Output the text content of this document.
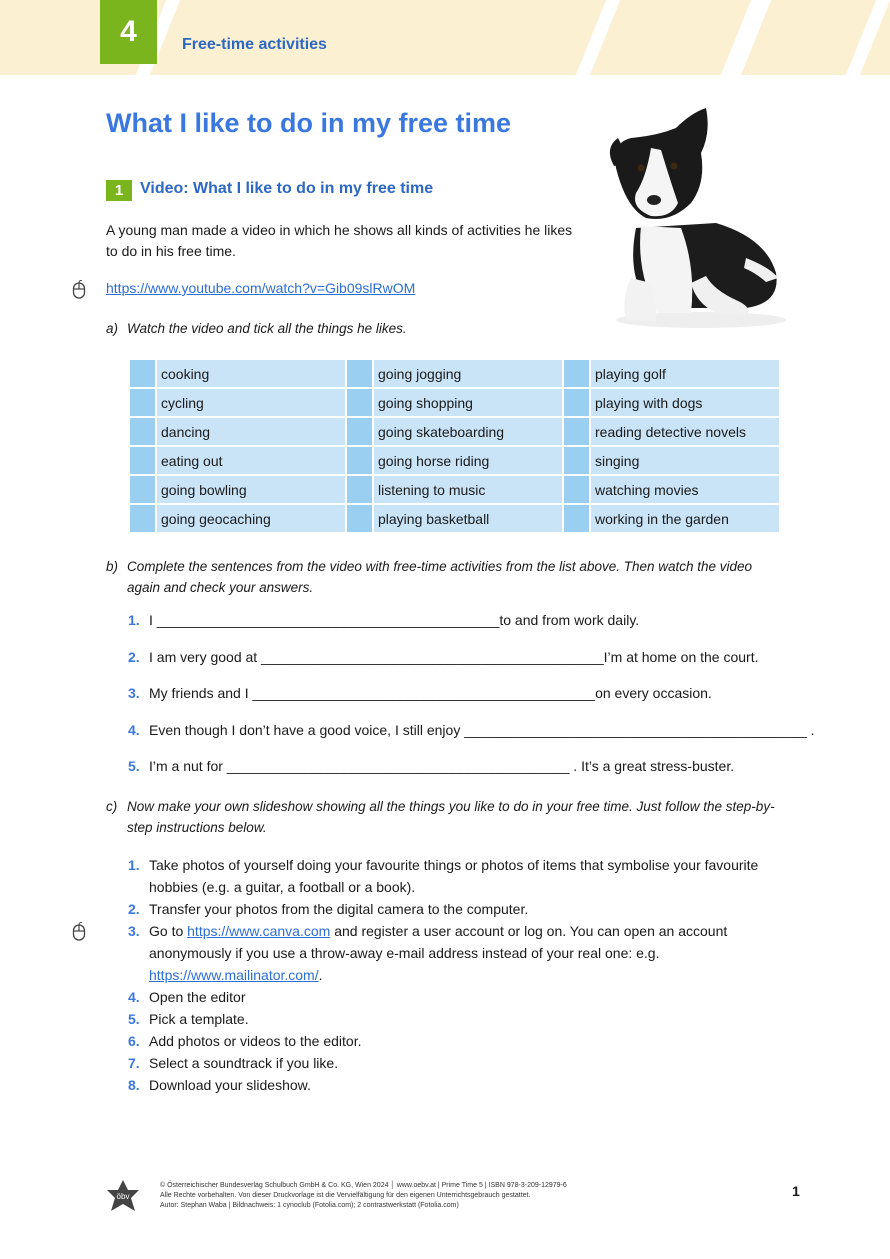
4	Free-time activities
What I like to do in my free time
1	Video: What I like to do in my free time
A young man made a video in which he shows all kinds of activities he likes to do in his free time.
https://www.youtube.com/watch?v=Gib09slRwOM
a) Watch the video and tick all the things he likes.
	cooking		going jogging		playing golf
	cycling		going shopping		playing with dogs
	dancing		going skateboarding		reading detective novels
	eating out		going horse riding		singing
	going bowling		listening to music		watching movies
	going geocaching		playing basketball		working in the garden
b) Complete the sentences from the video with free-time activities from the list above. Then watch the video again and check your answers.
1. I ____________________________________________to and from work daily.
2. I am very good at ____________________________________________I’m at home on the court.
3. My friends and I ____________________________________________on every occasion.
4. Even though I don’t have a good voice, I still enjoy ____________________________________________ .
5. I’m a nut for ____________________________________________ . It’s a great stress-buster.
c) Now make your own slideshow showing all the things you like to do in your free time. Just follow the step-by-step instructions below.
1. Take photos of yourself doing your favourite things or photos of items that symbolise your favourite hobbies (e.g. a guitar, a football or a book).
2. Transfer your photos from the digital camera to the computer.
3. Go to https://www.canva.com and register a user account or log on. You can open an account anonymously if you use a throw-away e-mail address instead of your real one: e.g. https://www.mailinator.com/.
4. Open the editor
5. Pick a template.
6. Add photos or videos to the editor.
7. Select a soundtrack if you like.
8. Download your slideshow.
öbv
© Österreichischer Bundesverlag Schulbuch GmbH & Co. KG, Wien 2024 │ www.oebv.at | Prime Time 5 | ISBN 978-3-209-12979-6
Alle Rechte vorbehalten. Von dieser Druckvorlage ist die Vervielfältigung für den eigenen Unterrichtsgebrauch gestattet.
Autor: Stephan Waba | Bildnachweis: 1 cynoclub (Fotolia.com); 2 contrastwerkstatt (Fotolia.com)
1
